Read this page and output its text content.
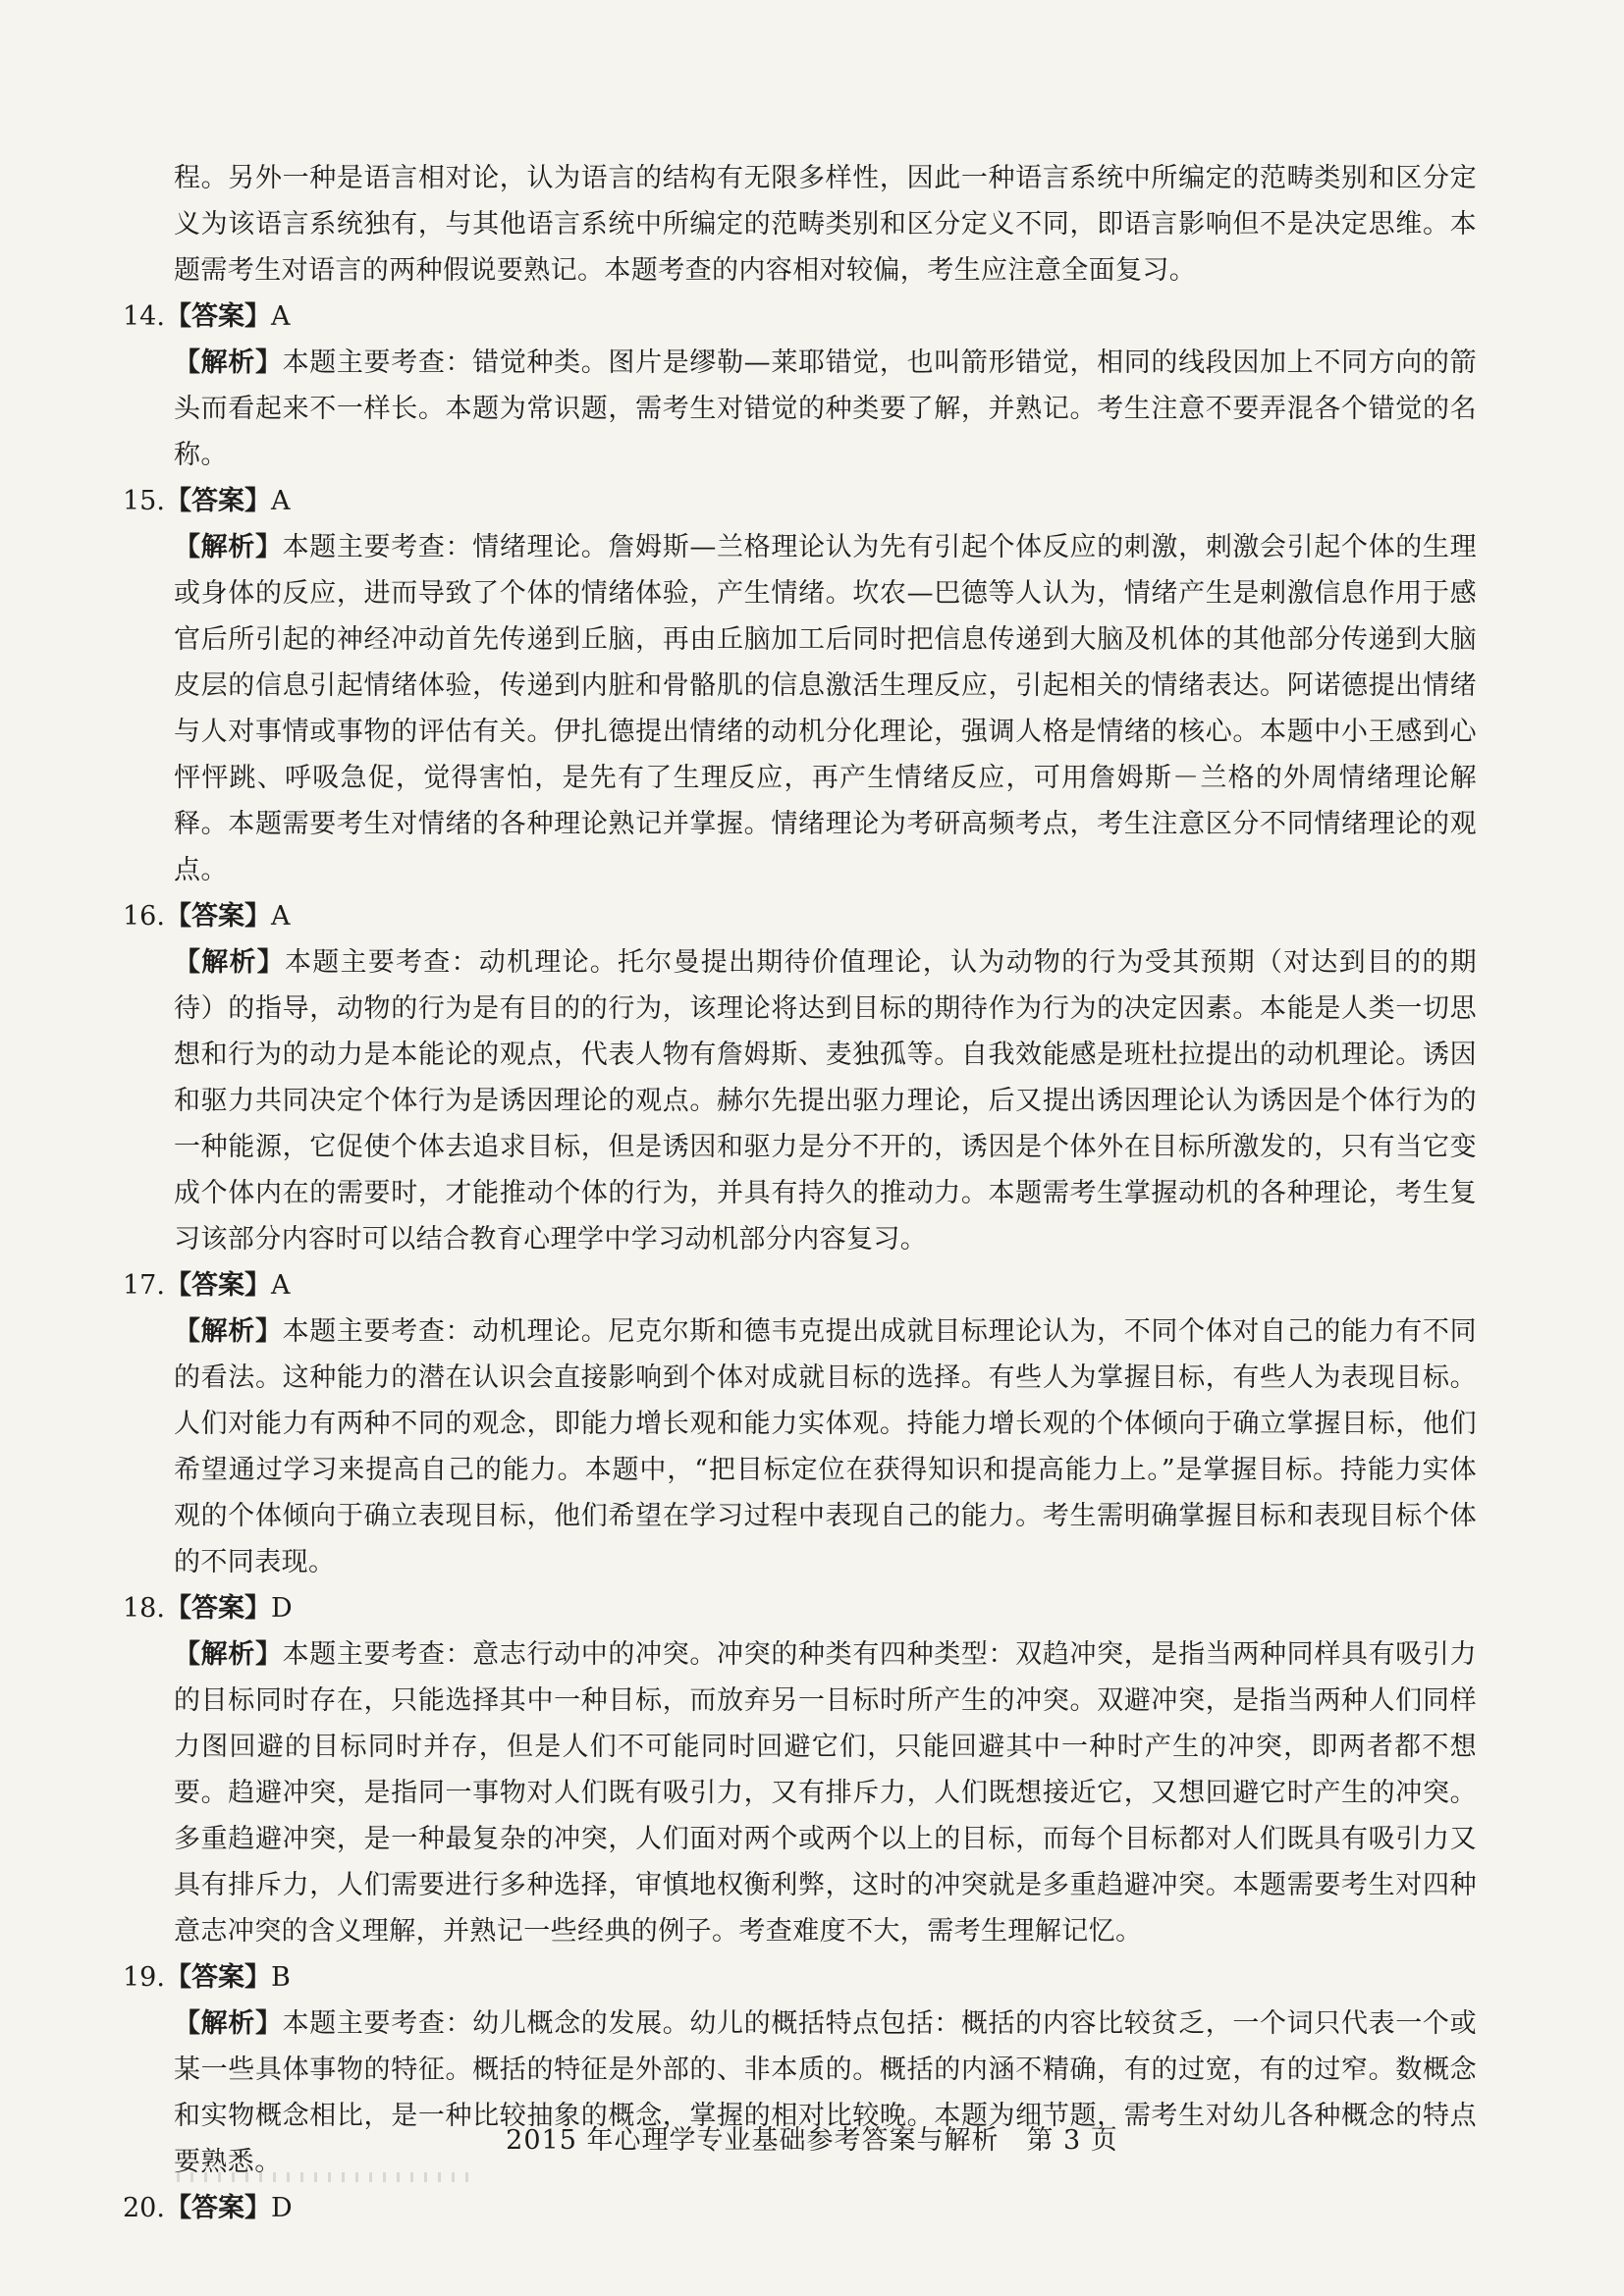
程。另外一种是语言相对论，认为语言的结构有无限多样性，因此一种语言系统中所编定的范畴类别和区分定义为该语言系统独有，与其他语言系统中所编定的范畴类别和区分定义不同，即语言影响但不是决定思维。本题需考生对语言的两种假说要熟记。本题考查的内容相对较偏，考生应注意全面复习。

14.【答案】A

【解析】本题主要考查：错觉种类。图片是缪勒—莱耶错觉，也叫箭形错觉，相同的线段因加上不同方向的箭头而看起来不一样长。本题为常识题，需考生对错觉的种类要了解，并熟记。考生注意不要弄混各个错觉的名称。

15.【答案】A

【解析】本题主要考查：情绪理论。詹姆斯—兰格理论认为先有引起个体反应的刺激，刺激会引起个体的生理或身体的反应，进而导致了个体的情绪体验，产生情绪。坎农—巴德等人认为，情绪产生是刺激信息作用于感官后所引起的神经冲动首先传递到丘脑，再由丘脑加工后同时把信息传递到大脑及机体的其他部分传递到大脑皮层的信息引起情绪体验，传递到内脏和骨骼肌的信息激活生理反应，引起相关的情绪表达。阿诺德提出情绪与人对事情或事物的评估有关。伊扎德提出情绪的动机分化理论，强调人格是情绪的核心。本题中小王感到心怦怦跳、呼吸急促，觉得害怕，是先有了生理反应，再产生情绪反应，可用詹姆斯－兰格的外周情绪理论解释。本题需要考生对情绪的各种理论熟记并掌握。情绪理论为考研高频考点，考生注意区分不同情绪理论的观点。

16.【答案】A

【解析】本题主要考查：动机理论。托尔曼提出期待价值理论，认为动物的行为受其预期（对达到目的的期待）的指导，动物的行为是有目的的行为，该理论将达到目标的期待作为行为的决定因素。本能是人类一切思想和行为的动力是本能论的观点，代表人物有詹姆斯、麦独孤等。自我效能感是班杜拉提出的动机理论。诱因和驱力共同决定个体行为是诱因理论的观点。赫尔先提出驱力理论，后又提出诱因理论认为诱因是个体行为的一种能源，它促使个体去追求目标，但是诱因和驱力是分不开的，诱因是个体外在目标所激发的，只有当它变成个体内在的需要时，才能推动个体的行为，并具有持久的推动力。本题需考生掌握动机的各种理论，考生复习该部分内容时可以结合教育心理学中学习动机部分内容复习。

17.【答案】A

【解析】本题主要考查：动机理论。尼克尔斯和德韦克提出成就目标理论认为，不同个体对自己的能力有不同的看法。这种能力的潜在认识会直接影响到个体对成就目标的选择。有些人为掌握目标，有些人为表现目标。人们对能力有两种不同的观念，即能力增长观和能力实体观。持能力增长观的个体倾向于确立掌握目标，他们希望通过学习来提高自己的能力。本题中，“把目标定位在获得知识和提高能力上。”是掌握目标。持能力实体观的个体倾向于确立表现目标，他们希望在学习过程中表现自己的能力。考生需明确掌握目标和表现目标个体的不同表现。

18.【答案】D

【解析】本题主要考查：意志行动中的冲突。冲突的种类有四种类型：双趋冲突，是指当两种同样具有吸引力的目标同时存在，只能选择其中一种目标，而放弃另一目标时所产生的冲突。双避冲突，是指当两种人们同样力图回避的目标同时并存，但是人们不可能同时回避它们，只能回避其中一种时产生的冲突，即两者都不想要。趋避冲突，是指同一事物对人们既有吸引力，又有排斥力，人们既想接近它，又想回避它时产生的冲突。多重趋避冲突，是一种最复杂的冲突，人们面对两个或两个以上的目标，而每个目标都对人们既具有吸引力又具有排斥力，人们需要进行多种选择，审慎地权衡利弊，这时的冲突就是多重趋避冲突。本题需要考生对四种意志冲突的含义理解，并熟记一些经典的例子。考查难度不大，需考生理解记忆。

19.【答案】B

【解析】本题主要考查：幼儿概念的发展。幼儿的概括特点包括：概括的内容比较贫乏，一个词只代表一个或某一些具体事物的特征。概括的特征是外部的、非本质的。概括的内涵不精确，有的过宽，有的过窄。数概念和实物概念相比，是一种比较抽象的概念，掌握的相对比较晚。本题为细节题，需考生对幼儿各种概念的特点要熟悉。

20.【答案】D

2015 年心理学专业基础参考答案与解析　第 3 页
